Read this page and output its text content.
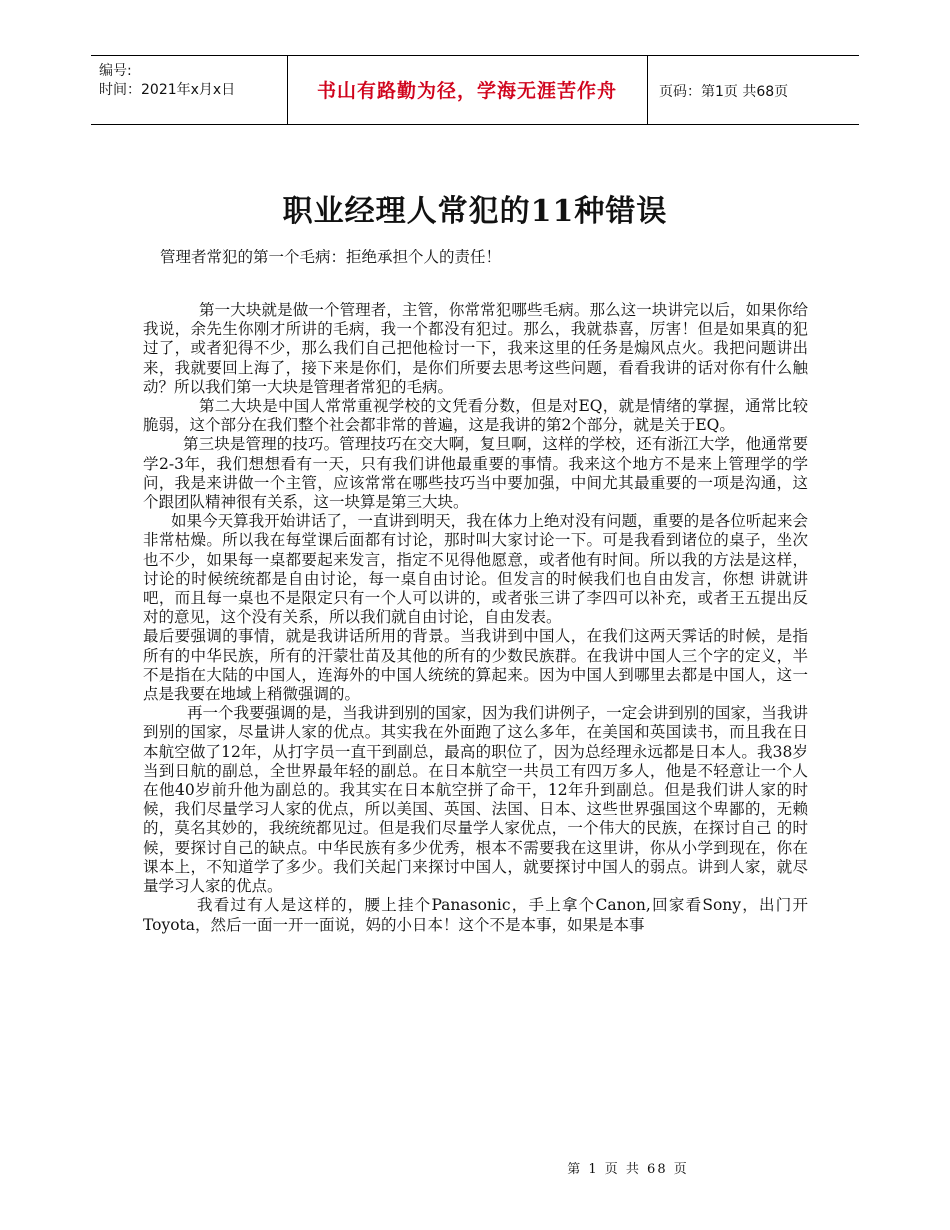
编号:
时间：2021年x月x日	书山有路勤为径，学海无涯苦作舟	页码：第1页 共68页
职业经理人常犯的11种错误
管理者常犯的第一个毛病：拒绝承担个人的责任！

第一大块就是做一个管理者，主管，你常常犯哪些毛病。那么这一块讲完以后，如果你给我说，余先生你刚才所讲的毛病，我一个都没有犯过。那么，我就恭喜，厉害！但是如果真的犯过了，或者犯得不少，那么我们自己把他检讨一下，我来这里的任务是煽风点火。我把问题讲出来，我就要回上海了，接下来是你们，是你们所要去思考这些问题，看看我讲的话对你有什么触动？所以我们第一大块是管理者常犯的毛病。

第二大块是中国人常常重视学校的文凭看分数，但是对EQ，就是情绪的掌握，通常比较脆弱，这个部分在我们整个社会都非常的普遍，这是我讲的第2个部分，就是关于EQ。

第三块是管理的技巧。管理技巧在交大啊，复旦啊，这样的学校，还有浙江大学，他通常要学2-3年，我们想想看有一天，只有我们讲他最重要的事情。我来这个地方不是来上管理学的学问，我是来讲做一个主管，应该常常在哪些技巧当中要加强，中间尤其最重要的一项是沟通，这个跟团队精神很有关系，这一块算是第三大块。

如果今天算我开始讲话了，一直讲到明天，我在体力上绝对没有问题，重要的是各位听起来会非常枯燥。所以我在每堂课后面都有讨论，那时叫大家讨论一下。可是我看到诸位的桌子，坐次也不少，如果每一桌都要起来发言，指定不见得他愿意，或者他有时间。所以我的方法是这样，讨论的时候统统都是自由讨论，每一桌自由讨论。但发言的时候我们也自由发言，你想 讲就讲吧，而且每一桌也不是限定只有一个人可以讲的，或者张三讲了李四可以补充，或者王五提出反对的意见，这个没有关系，所以我们就自由讨论，自由发表。

最后要强调的事情，就是我讲话所用的背景。当我讲到中国人，在我们这两天霁话的时候，是指所有的中华民族，所有的汗蒙壮苗及其他的所有的少数民族群。在我讲中国人三个字的定义，半不是指在大陆的中国人，连海外的中国人统统的算起来。因为中国人到哪里去都是中国人，这一点是我要在地域上稍微强调的。

再一个我要强调的是，当我讲到别的国家，因为我们讲例子，一定会讲到别的国家，当我讲到别的国家，尽量讲人家的优点。其实我在外面跑了这么多年，在美国和英国读书，而且我在日本航空做了12年，从打字员一直干到副总，最高的职位了，因为总经理永远都是日本人。我38岁当到日航的副总，全世界最年轻的副总。在日本航空一共员工有四万多人，他是不轻意让一个人在他40岁前升他为副总的。我其实在日本航空拼了命干，12年升到副总。但是我们讲人家的时候，我们尽量学习人家的优点，所以美国、英国、法国、日本、这些世界强国这个卑鄙的，无赖的，莫名其妙的，我统统都见过。但是我们尽量学人家优点，一个伟大的民族，在探讨自己 的时候，要探讨自己的缺点。中华民族有多少优秀，根本不需要我在这里讲，你从小学到现在，你在课本上，不知道学了多少。我们关起门来探讨中国人，就要探讨中国人的弱点。讲到人家，就尽量学习人家的优点。

我看过有人是这样的，腰上挂个Panasonic，手上拿个Canon,回家看Sony，出门开Toyota，然后一面一开一面说，妈的小日本！这个不是本事，如果是本事

第 1 页 共 68 页
